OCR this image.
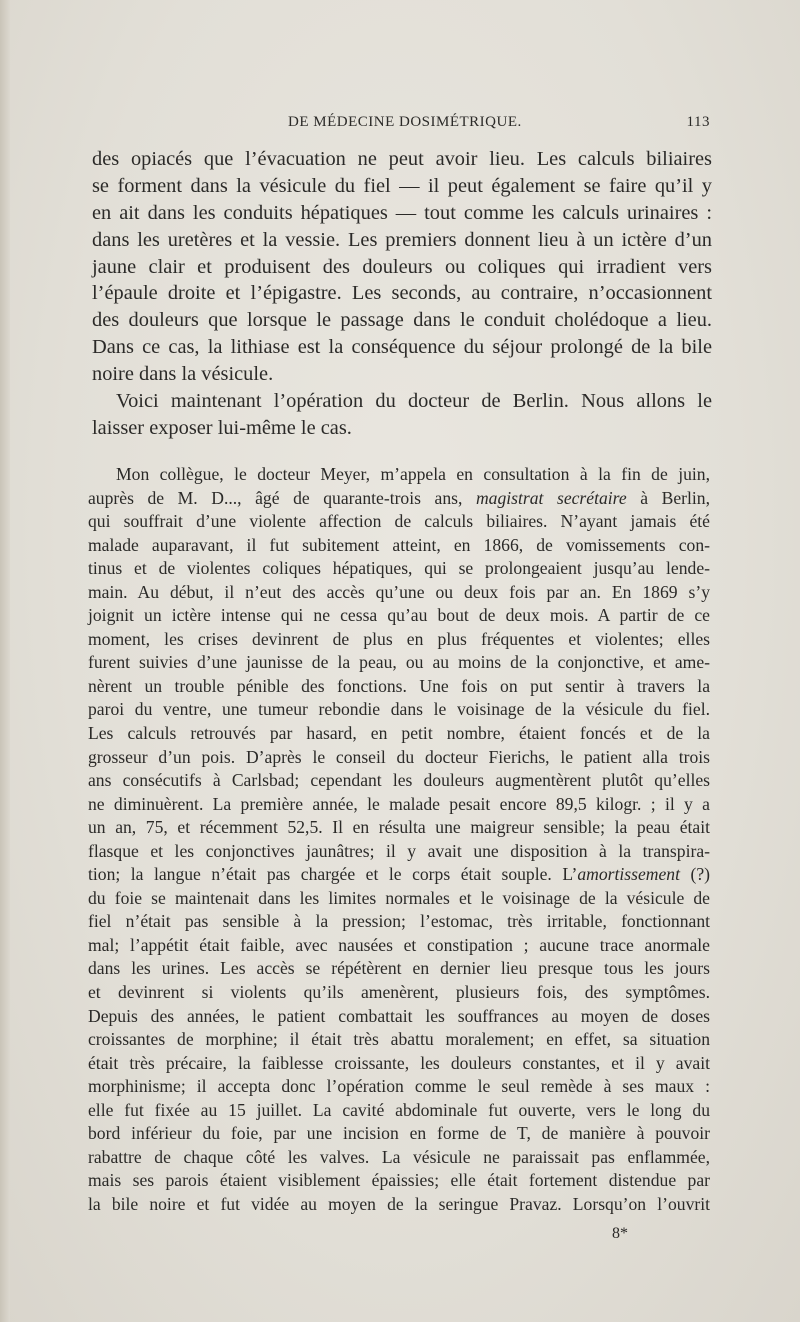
DE MÉDECINE DOSIMÉTRIQUE.	113
des opiacés que l’évacuation ne peut avoir lieu. Les calculs biliaires
se forment dans la vésicule du fiel — il peut également se faire qu’il y
en ait dans les conduits hépatiques — tout comme les calculs urinaires :
dans les uretères et la vessie. Les premiers donnent lieu à un ictère d’un
jaune clair et produisent des douleurs ou coliques qui irradient vers
l’épaule droite et l’épigastre. Les seconds, au contraire, n’occasionnent
des douleurs que lorsque le passage dans le conduit cholédoque a lieu.
Dans ce cas, la lithiase est la conséquence du séjour prolongé de la bile
noire dans la vésicule.
Voici maintenant l’opération du docteur de Berlin. Nous allons le
laisser exposer lui-même le cas.
Mon collègue, le docteur Meyer, m’appela en consultation à la fin de juin,
auprès de M. D..., âgé de quarante-trois ans, magistrat secrétaire à Berlin,
qui souffrait d’une violente affection de calculs biliaires. N’ayant jamais été
malade auparavant, il fut subitement atteint, en 1866, de vomissements con-
tinus et de violentes coliques hépatiques, qui se prolongeaient jusqu’au lende-
main. Au début, il n’eut des accès qu’une ou deux fois par an. En 1869 s’y
joignit un ictère intense qui ne cessa qu’au bout de deux mois. A partir de ce
moment, les crises devinrent de plus en plus fréquentes et violentes; elles
furent suivies d’une jaunisse de la peau, ou au moins de la conjonctive, et ame-
nèrent un trouble pénible des fonctions. Une fois on put sentir à travers la
paroi du ventre, une tumeur rebondie dans le voisinage de la vésicule du fiel.
Les calculs retrouvés par hasard, en petit nombre, étaient foncés et de la
grosseur d’un pois. D’après le conseil du docteur Fierichs, le patient alla trois
ans consécutifs à Carlsbad; cependant les douleurs augmentèrent plutôt qu’elles
ne diminuèrent. La première année, le malade pesait encore 89,5 kilogr. ; il y a
un an, 75, et récemment 52,5. Il en résulta une maigreur sensible; la peau était
flasque et les conjonctives jaunâtres; il y avait une disposition à la transpira-
tion; la langue n’était pas chargée et le corps était souple. L’amortissement (?)
du foie se maintenait dans les limites normales et le voisinage de la vésicule de
fiel n’était pas sensible à la pression; l’estomac, très irritable, fonctionnant
mal; l’appétit était faible, avec nausées et constipation ; aucune trace anormale
dans les urines. Les accès se répétèrent en dernier lieu presque tous les jours
et devinrent si violents qu’ils amenèrent, plusieurs fois, des symptômes.
Depuis des années, le patient combattait les souffrances au moyen de doses
croissantes de morphine; il était très abattu moralement; en effet, sa situation
était très précaire, la faiblesse croissante, les douleurs constantes, et il y avait
morphinisme; il accepta donc l’opération comme le seul remède à ses maux :
elle fut fixée au 15 juillet. La cavité abdominale fut ouverte, vers le long du
bord inférieur du foie, par une incision en forme de T, de manière à pouvoir
rabattre de chaque côté les valves. La vésicule ne paraissait pas enflammée,
mais ses parois étaient visiblement épaissies; elle était fortement distendue par
la bile noire et fut vidée au moyen de la seringue Pravaz. Lorsqu’on l’ouvrit
8*
